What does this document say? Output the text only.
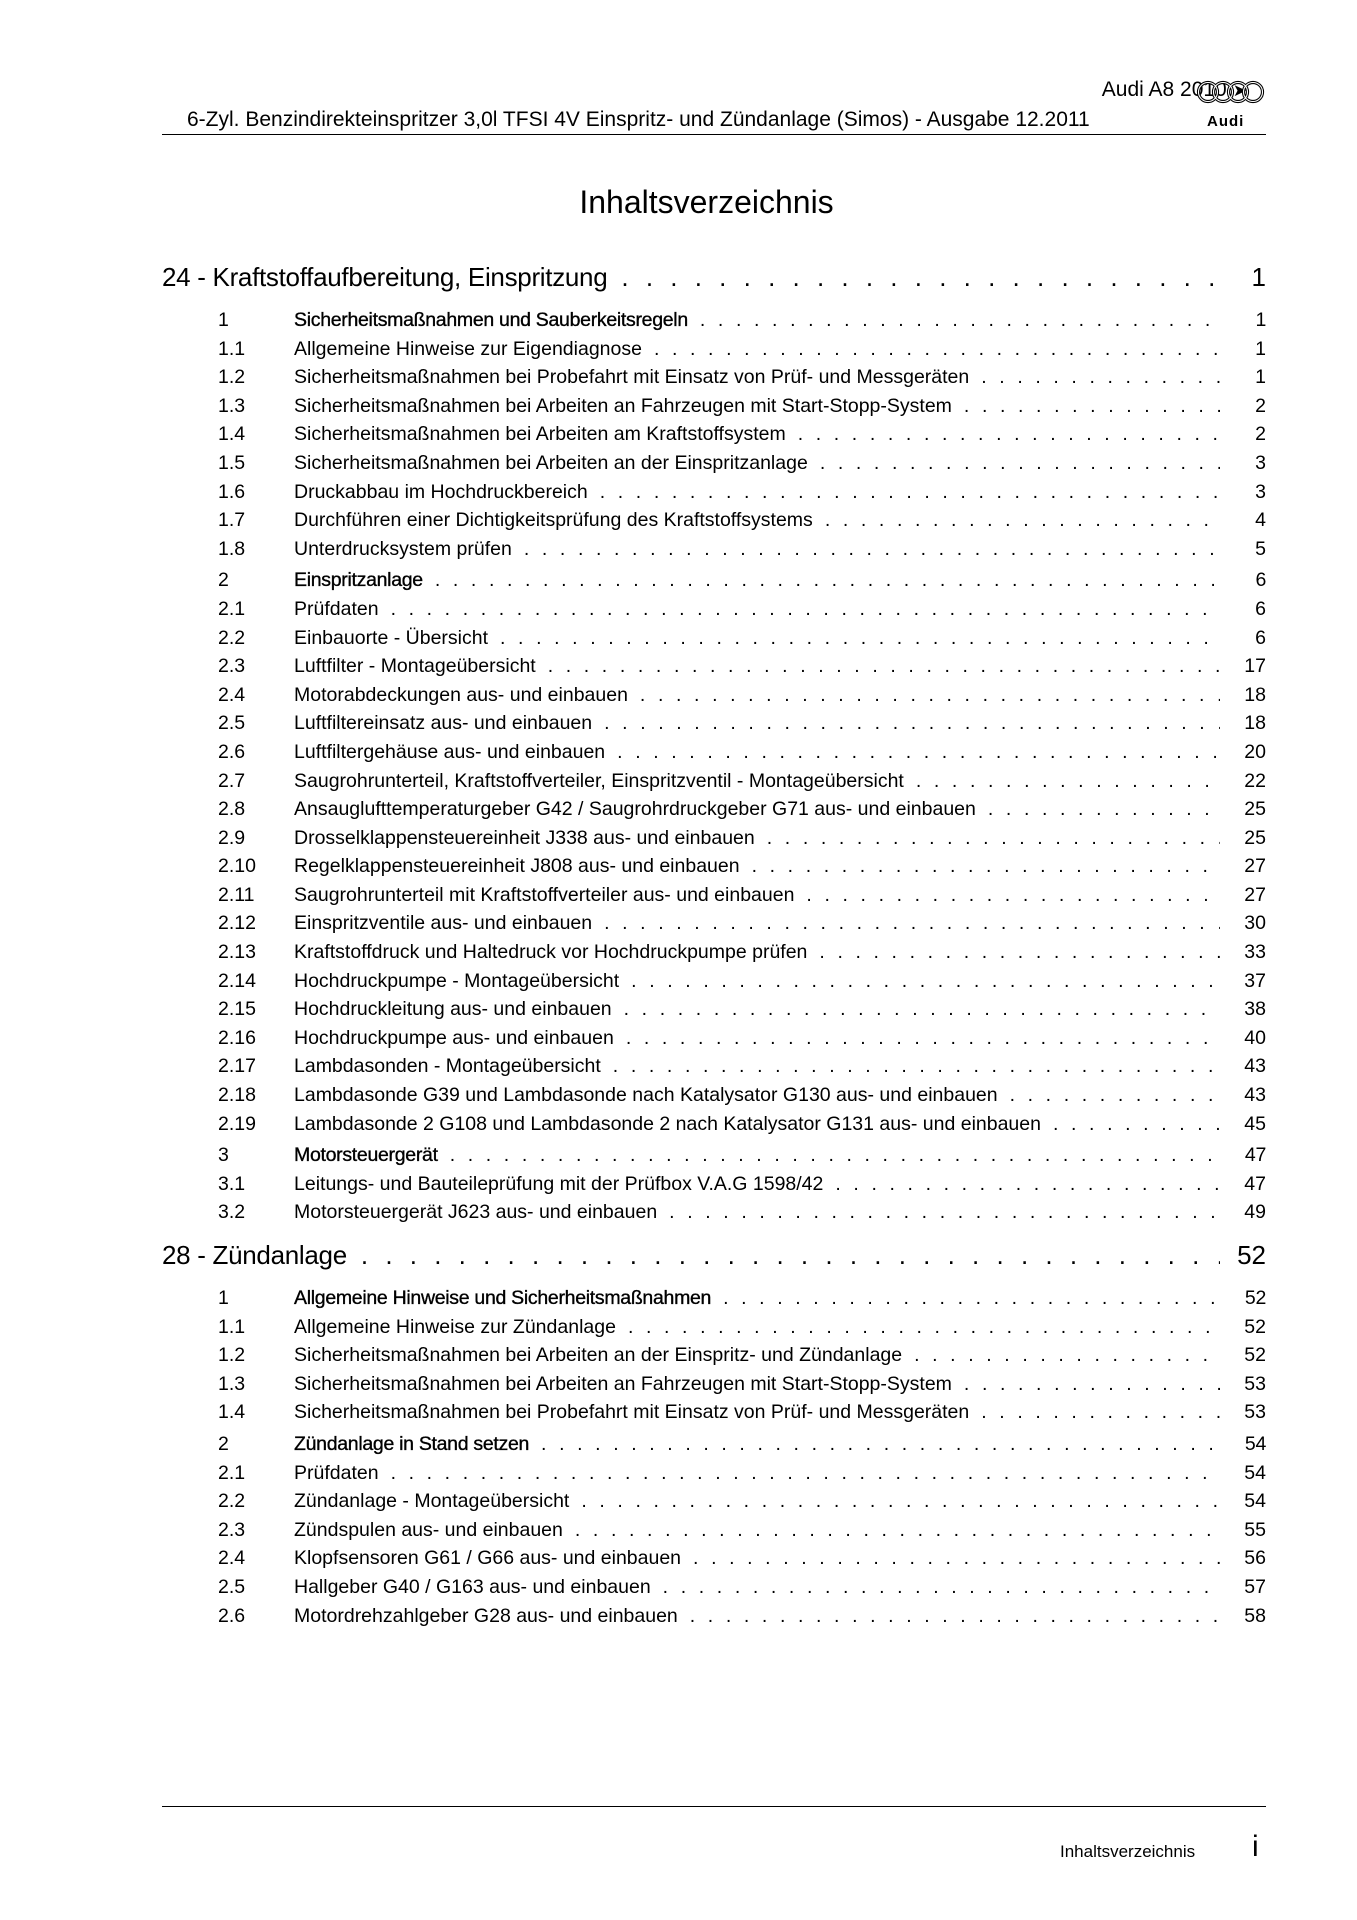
Audi A8 2010 ➤
6-Zyl. Benzindirekteinspritzer 3,0l TFSI 4V Einspritz- und Zündanlage (Simos) - Ausgabe 12.2011	Audi
Inhaltsverzeichnis
24 - Kraftstoffaufbereitung, Einspritzung . . .	1
1	Sicherheitsmaßnahmen und Sauberkeitsregeln . . .	1
1.1	Allgemeine Hinweise zur Eigendiagnose . . .	1
1.2	Sicherheitsmaßnahmen bei Probefahrt mit Einsatz von Prüf- und Messgeräten . . .	1
1.3	Sicherheitsmaßnahmen bei Arbeiten an Fahrzeugen mit Start-Stopp-System . . .	2
1.4	Sicherheitsmaßnahmen bei Arbeiten am Kraftstoffsystem . . .	2
1.5	Sicherheitsmaßnahmen bei Arbeiten an der Einspritzanlage . . .	3
1.6	Druckabbau im Hochdruckbereich . . .	3
1.7	Durchführen einer Dichtigkeitsprüfung des Kraftstoffsystems . . .	4
1.8	Unterdrucksystem prüfen . . .	5
2	Einspritzanlage . . .	6
2.1	Prüfdaten . . .	6
2.2	Einbauorte - Übersicht . . .	6
2.3	Luftfilter - Montageübersicht . . .	17
2.4	Motorabdeckungen aus- und einbauen . . .	18
2.5	Luftfiltereinsatz aus- und einbauen . . .	18
2.6	Luftfiltergehäuse aus- und einbauen . . .	20
2.7	Saugrohrunterteil, Kraftstoffverteiler, Einspritzventil - Montageübersicht . . .	22
2.8	Ansauglufttemperaturgeber G42 / Saugrohrdruckgeber G71 aus- und einbauen . . .	25
2.9	Drosselklappensteuereinheit J338 aus- und einbauen . . .	25
2.10	Regelklappensteuereinheit J808 aus- und einbauen . . .	27
2.11	Saugrohrunterteil mit Kraftstoffverteiler aus- und einbauen . . .	27
2.12	Einspritzventile aus- und einbauen . . .	30
2.13	Kraftstoffdruck und Haltedruck vor Hochdruckpumpe prüfen . . .	33
2.14	Hochdruckpumpe - Montageübersicht . . .	37
2.15	Hochdruckleitung aus- und einbauen . . .	38
2.16	Hochdruckpumpe aus- und einbauen . . .	40
2.17	Lambdasonden - Montageübersicht . . .	43
2.18	Lambdasonde G39 und Lambdasonde nach Katalysator G130 aus- und einbauen . . .	43
2.19	Lambdasonde 2 G108 und Lambdasonde 2 nach Katalysator G131 aus- und einbauen . . .	45
3	Motorsteuergerät . . .	47
3.1	Leitungs- und Bauteileprüfung mit der Prüfbox V.A.G 1598/42 . . .	47
3.2	Motorsteuergerät J623 aus- und einbauen . . .	49
28 - Zündanlage . . .	52
1	Allgemeine Hinweise und Sicherheitsmaßnahmen . . .	52
1.1	Allgemeine Hinweise zur Zündanlage . . .	52
1.2	Sicherheitsmaßnahmen bei Arbeiten an der Einspritz- und Zündanlage . . .	52
1.3	Sicherheitsmaßnahmen bei Arbeiten an Fahrzeugen mit Start-Stopp-System . . .	53
1.4	Sicherheitsmaßnahmen bei Probefahrt mit Einsatz von Prüf- und Messgeräten . . .	53
2	Zündanlage in Stand setzen . . .	54
2.1	Prüfdaten . . .	54
2.2	Zündanlage - Montageübersicht . . .	54
2.3	Zündspulen aus- und einbauen . . .	55
2.4	Klopfsensoren G61 / G66 aus- und einbauen . . .	56
2.5	Hallgeber G40 / G163 aus- und einbauen . . .	57
2.6	Motordrehzahlgeber G28 aus- und einbauen . . .	58
Inhaltsverzeichnis i
